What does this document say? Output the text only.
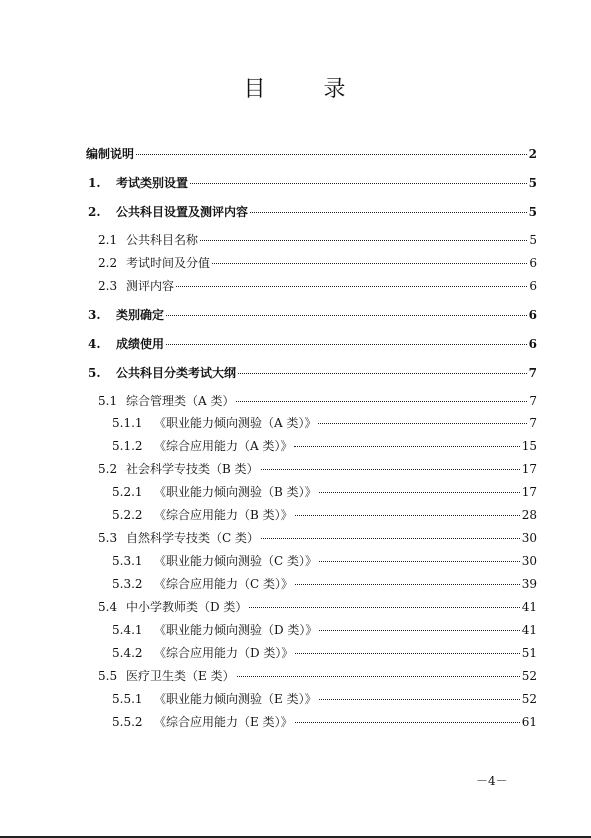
目	录
编制说明	2
1.	考试类别设置	5
2.	公共科目设置及测评内容	5
2.1 公共科目名称	5
2.2 考试时间及分值	6
2.3 测评内容	6
3.	类别确定	6
4.	成绩使用	6
5.	公共科目分类考试大纲	7
5.1 综合管理类（A 类）	7
5.1.1 《职业能力倾向测验（A 类）》	7
5.1.2 《综合应用能力（A 类）》	15
5.2 社会科学专技类（B 类）	17
5.2.1 《职业能力倾向测验（B 类）》	17
5.2.2 《综合应用能力（B 类）》	28
5.3 自然科学专技类（C 类）	30
5.3.1 《职业能力倾向测验（C 类）》	30
5.3.2 《综合应用能力（C 类）》	39
5.4 中小学教师类（D 类）	41
5.4.1 《职业能力倾向测验（D 类）》	41
5.4.2 《综合应用能力（D 类）》	51
5.5 医疗卫生类（E 类）	52
5.5.1 《职业能力倾向测验（E 类）》	52
5.5.2 《综合应用能力（E 类）》	61
－4－
